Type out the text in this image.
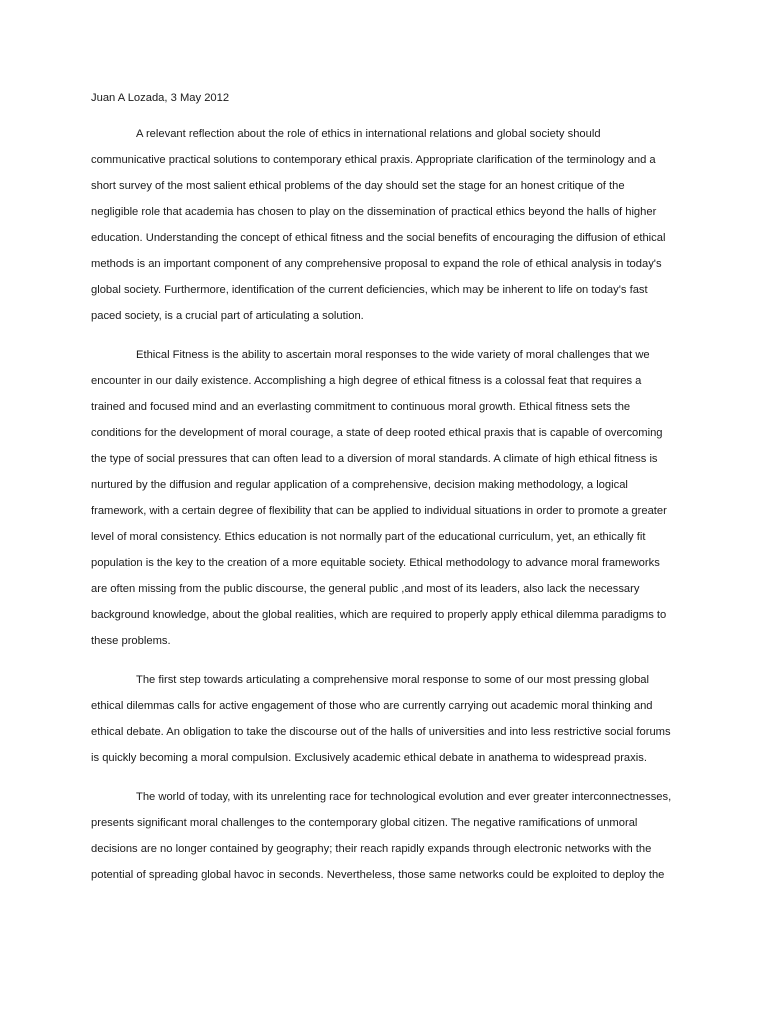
Juan A Lozada, 3 May 2012
A relevant reflection about the role of ethics in international relations and global society should
communicative practical solutions to contemporary ethical praxis. Appropriate clarification of the terminology and a
short survey of the most salient ethical problems of the day should set the stage for an honest critique of the
negligible role that academia has chosen to play on the dissemination of practical ethics beyond the halls of higher
education. Understanding the concept of ethical fitness and the social benefits of encouraging the diffusion of ethical
methods is an important component of any comprehensive proposal to expand the role of ethical analysis in today's
global society. Furthermore, identification of the current deficiencies, which may be inherent to life on today's fast
paced society, is a crucial part of articulating a solution.
Ethical Fitness is the ability to ascertain moral responses to the wide variety of moral challenges that we
encounter in our daily existence. Accomplishing a high degree of ethical fitness is a colossal feat that requires a
trained and focused mind and an everlasting commitment to continuous moral growth. Ethical fitness sets the
conditions for the development of moral courage, a state of deep rooted ethical praxis that is capable of overcoming
the type of social pressures that can often lead to a diversion of moral standards. A climate of high ethical fitness is
nurtured by the diffusion and regular application of a comprehensive, decision making methodology, a logical
framework, with a certain degree of flexibility that can be applied to individual situations in order to promote a greater
level of moral consistency. Ethics education is not normally part of the educational curriculum, yet, an ethically fit
population is the key to the creation of a more equitable society. Ethical methodology to advance moral frameworks
are often missing from the public discourse, the general public ,and most of its leaders, also lack the necessary
background knowledge, about the global realities, which are required to properly apply ethical dilemma paradigms to
these problems.
The first step towards articulating a comprehensive moral response to some of our most pressing global
ethical dilemmas calls for active engagement of those who are currently carrying out academic moral thinking and
ethical debate. An obligation to take the discourse out of the halls of universities and into less restrictive social forums
is quickly becoming a moral compulsion. Exclusively academic ethical debate in anathema to widespread praxis.
The world of today, with its unrelenting race for technological evolution and ever greater interconnectnesses,
presents significant moral challenges to the contemporary global citizen. The negative ramifications of unmoral
decisions are no longer contained by geography; their reach rapidly expands through electronic networks with the
potential of spreading global havoc in seconds. Nevertheless, those same networks could be exploited to deploy the
